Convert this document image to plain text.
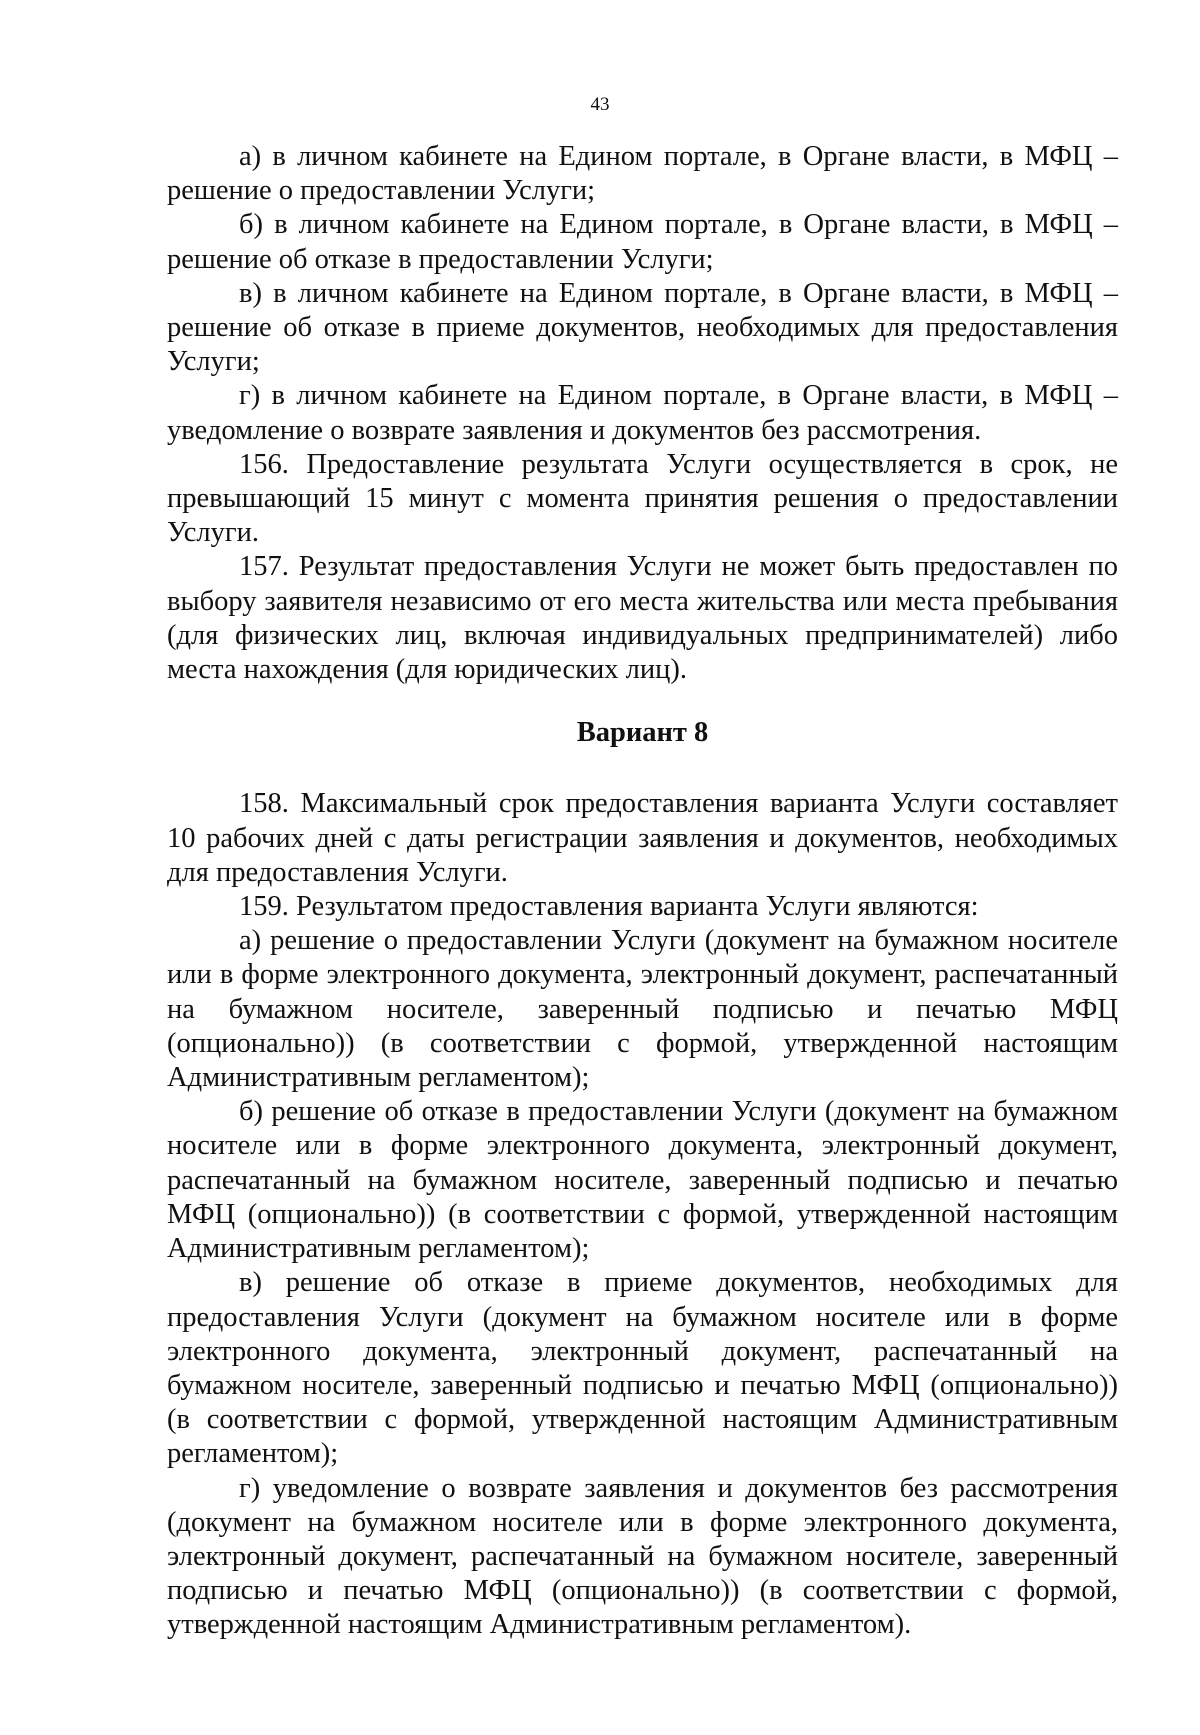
43

а) в личном кабинете на Едином портале, в Органе власти, в МФЦ – решение о предоставлении Услуги;

б) в личном кабинете на Едином портале, в Органе власти, в МФЦ – решение об отказе в предоставлении Услуги;

в) в личном кабинете на Едином портале, в Органе власти, в МФЦ – решение об отказе в приеме документов, необходимых для предоставления Услуги;

г) в личном кабинете на Едином портале, в Органе власти, в МФЦ – уведомление о возврате заявления и документов без рассмотрения.

156. Предоставление результата Услуги осуществляется в срок, не превышающий 15 минут с момента принятия решения о предоставлении Услуги.

157. Результат предоставления Услуги не может быть предоставлен по выбору заявителя независимо от его места жительства или места пребывания (для физических лиц, включая индивидуальных предпринимателей) либо места нахождения (для юридических лиц).

Вариант 8

158. Максимальный срок предоставления варианта Услуги составляет 10 рабочих дней с даты регистрации заявления и документов, необходимых для предоставления Услуги.

159. Результатом предоставления варианта Услуги являются:

а) решение о предоставлении Услуги (документ на бумажном носителе или в форме электронного документа, электронный документ, распечатанный на бумажном носителе, заверенный подписью и печатью МФЦ (опционально)) (в соответствии с формой, утвержденной настоящим Административным регламентом);

б) решение об отказе в предоставлении Услуги (документ на бумажном носителе или в форме электронного документа, электронный документ, распечатанный на бумажном носителе, заверенный подписью и печатью МФЦ (опционально)) (в соответствии с формой, утвержденной настоящим Административным регламентом);

в) решение об отказе в приеме документов, необходимых для предоставления Услуги (документ на бумажном носителе или в форме электронного документа, электронный документ, распечатанный на бумажном носителе, заверенный подписью и печатью МФЦ (опционально)) (в соответствии с формой, утвержденной настоящим Административным регламентом);

г) уведомление о возврате заявления и документов без рассмотрения (документ на бумажном носителе или в форме электронного документа, электронный документ, распечатанный на бумажном носителе, заверенный подписью и печатью МФЦ (опционально)) (в соответствии с формой, утвержденной настоящим Административным регламентом).
